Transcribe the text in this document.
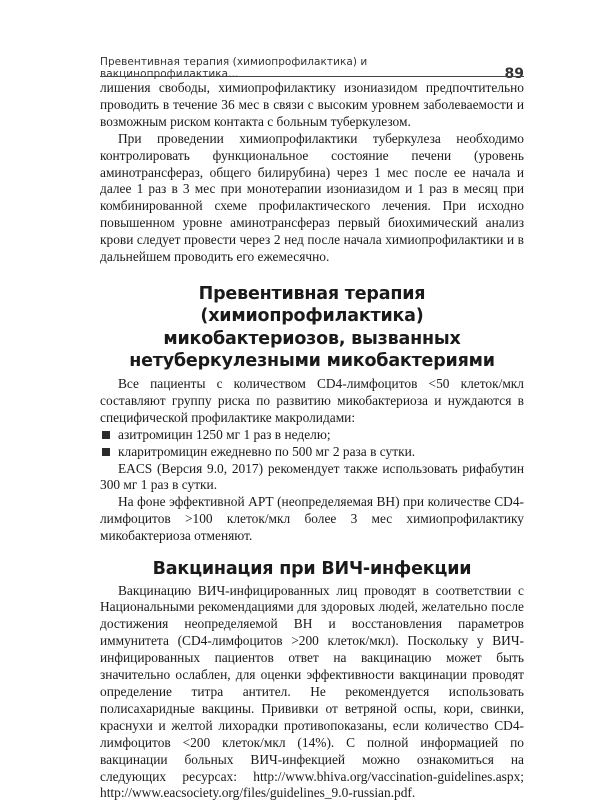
Превентивная терапия (химиопрофилактика) и вакцинопрофилактика...	89

лишения свободы, химиопрофилактику изониазидом предпочтительно проводить в течение 36 мес в связи с высоким уровнем заболеваемости и возможным риском контакта с больным туберкулезом.

При проведении химиопрофилактики туберкулеза необходимо контролировать функциональное состояние печени (уровень аминотрансфераз, общего билирубина) через 1 мес после ее начала и далее 1 раз в 3 мес при монотерапии изониазидом и 1 раз в месяц при комбинированной схеме профилактического лечения. При исходно повышенном уровне аминотрансфераз первый биохимический анализ крови следует провести через 2 нед после начала химиопрофилактики и в дальнейшем проводить его ежемесячно.

Превентивная терапия (химиопрофилактика)
микобактериозов, вызванных
нетуберкулезными микобактериями

Все пациенты с количеством CD4-лимфоцитов <50 клеток/мкл составляют группу риска по развитию микобактериоза и нуждаются в специфической профилактике макролидами:

азитромицин 1250 мг 1 раз в неделю;
кларитромицин ежедневно по 500 мг 2 раза в сутки.

EACS (Версия 9.0, 2017) рекомендует также использовать рифабутин 300 мг 1 раз в сутки.

На фоне эффективной АРТ (неопределяемая ВН) при количестве CD4-лимфоцитов >100 клеток/мкл более 3 мес химиопрофилактику микобактериоза отменяют.

Вакцинация при ВИЧ-инфекции

Вакцинацию ВИЧ-инфицированных лиц проводят в соответствии с Национальными рекомендациями для здоровых людей, желательно после достижения неопределяемой ВН и восстановления параметров иммунитета (CD4-лимфоцитов >200 клеток/мкл). Поскольку у ВИЧ-инфицированных пациентов ответ на вакцинацию может быть значительно ослаблен, для оценки эффективности вакцинации проводят определение титра антител. Не рекомендуется использовать полисахаридные вакцины. Прививки от ветряной оспы, кори, свинки, краснухи и желтой лихорадки противопоказаны, если количество CD4-лимфоцитов <200 клеток/мкл (14%). С полной информацией по вакцинации больных ВИЧ-инфекцией можно ознакомиться на следующих ресурсах: http://www.bhiva.org/vaccination-guidelines.aspx; http://www.eacsociety.org/files/guidelines_9.0-russian.pdf.
